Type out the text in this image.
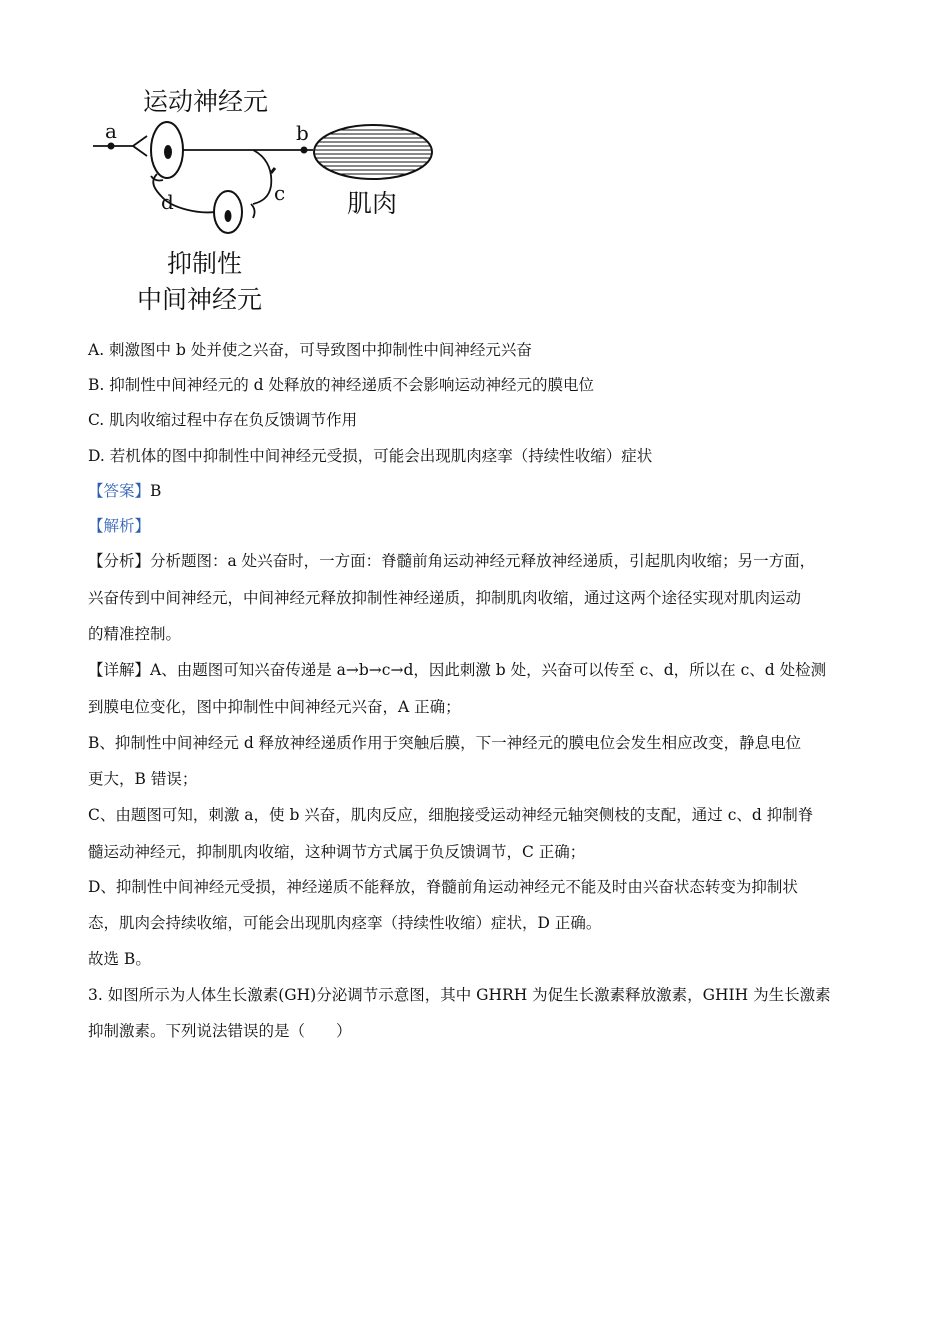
运动神经元
a	b
肌肉
c
d
抑制性
中间神经元
A. 刺激图中 b 处并使之兴奋，可导致图中抑制性中间神经元兴奋
B. 抑制性中间神经元的 d 处释放的神经递质不会影响运动神经元的膜电位
C. 肌肉收缩过程中存在负反馈调节作用
D. 若机体的图中抑制性中间神经元受损，可能会出现肌肉痉挛（持续性收缩）症状
【答案】B
【解析】
【分析】分析题图：a 处兴奋时，一方面：脊髓前角运动神经元释放神经递质，引起肌肉收缩；另一方面，
兴奋传到中间神经元，中间神经元释放抑制性神经递质，抑制肌肉收缩，通过这两个途径实现对肌肉运动
的精准控制。
【详解】A、由题图可知兴奋传递是 a→b→c→d，因此刺激 b 处，兴奋可以传至 c、d，所以在 c、d 处检测
到膜电位变化，图中抑制性中间神经元兴奋，A 正确；
B、抑制性中间神经元 d 释放神经递质作用于突触后膜，下一神经元的膜电位会发生相应改变，静息电位
更大，B 错误；
C、由题图可知，刺激 a，使 b 兴奋，肌肉反应，细胞接受运动神经元轴突侧枝的支配，通过 c、d 抑制脊
髓运动神经元，抑制肌肉收缩，这种调节方式属于负反馈调节，C 正确；
D、抑制性中间神经元受损，神经递质不能释放，脊髓前角运动神经元不能及时由兴奋状态转变为抑制状
态，肌肉会持续收缩，可能会出现肌肉痉挛（持续性收缩）症状，D 正确。
故选 B。
3. 如图所示为人体生长激素(GH)分泌调节示意图，其中 GHRH 为促生长激素释放激素，GHIH 为生长激素
抑制激素。下列说法错误的是（　　）
